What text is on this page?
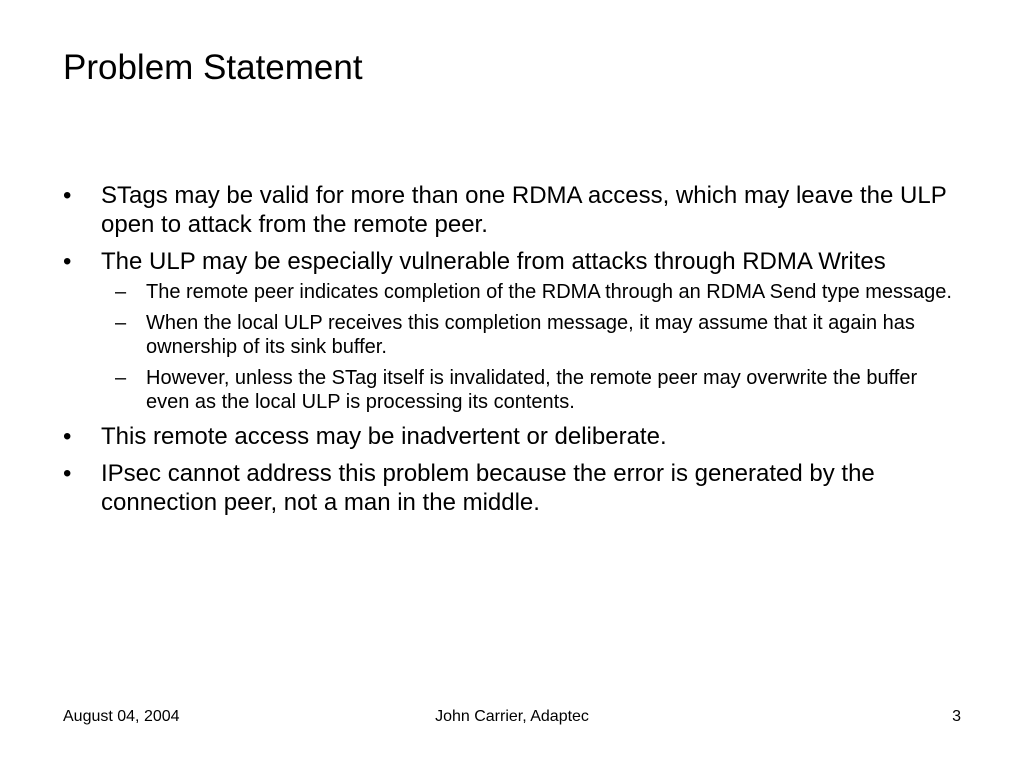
Problem Statement
•	STags may be valid for more than one RDMA access, which may leave the ULP open to attack from the remote peer.
•	The ULP may be especially vulnerable from attacks through RDMA Writes
– The remote peer indicates completion of the RDMA through an RDMA Send type message.
– When the local ULP receives this completion message, it may assume that it again has ownership of its sink buffer.
– However, unless the STag itself is invalidated, the remote peer may overwrite the buffer even as the local ULP is processing its contents.
•	This remote access may be inadvertent or deliberate.
•	IPsec cannot address this problem because the error is generated by the connection peer, not a man in the middle.
August 04, 2004	John Carrier, Adaptec	3
